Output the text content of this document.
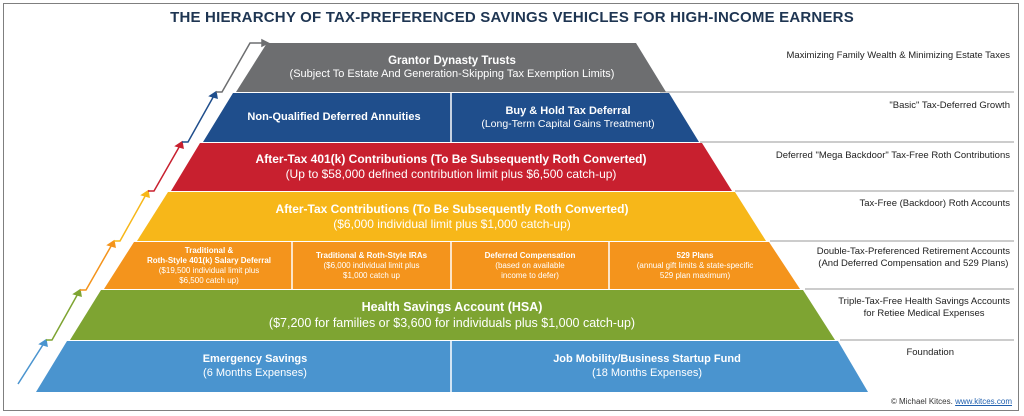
THE HIERARCHY OF TAX-PREFERENCED SAVINGS VEHICLES FOR HIGH-INCOME EARNERS
Grantor Dynasty Trusts
(Subject To Estate And Generation-Skipping Tax Exemption Limits)
Non-Qualified Deferred Annuities
Buy & Hold Tax Deferral
(Long-Term Capital Gains Treatment)
After-Tax 401(k) Contributions (To Be Subsequently Roth Converted)
(Up to $58,000 defined contribution limit plus $6,500 catch-up)
After-Tax Contributions (To Be Subsequently Roth Converted)
($6,000 individual limit plus $1,000 catch-up)
Traditional &
Roth-Style 401(k) Salary Deferral
($19,500 individual limit plus
$6,500 catch up)
Traditional & Roth-Style IRAs
($6,000 individual limit plus
$1,000 catch up
Deferred Compensation
(based on available
income to defer)
529 Plans
(annual gift limits & state-specific
529 plan maximum)
Health Savings Account (HSA)
($7,200 for families or $3,600 for individuals plus $1,000 catch-up)
Emergency Savings
(6 Months Expenses)
Job Mobility/Business Startup Fund
(18 Months Expenses)
Maximizing Family Wealth & Minimizing Estate Taxes
"Basic" Tax-Deferred Growth
Deferred "Mega Backdoor" Tax-Free Roth Contributions
Tax-Free (Backdoor) Roth Accounts
Double-Tax-Preferenced Retirement Accounts
(And Deferred Compensation and 529 Plans)
Triple-Tax-Free Health Savings Accounts
for Retiee Medical Expenses
Foundation
© Michael Kitces. www.kitces.com
